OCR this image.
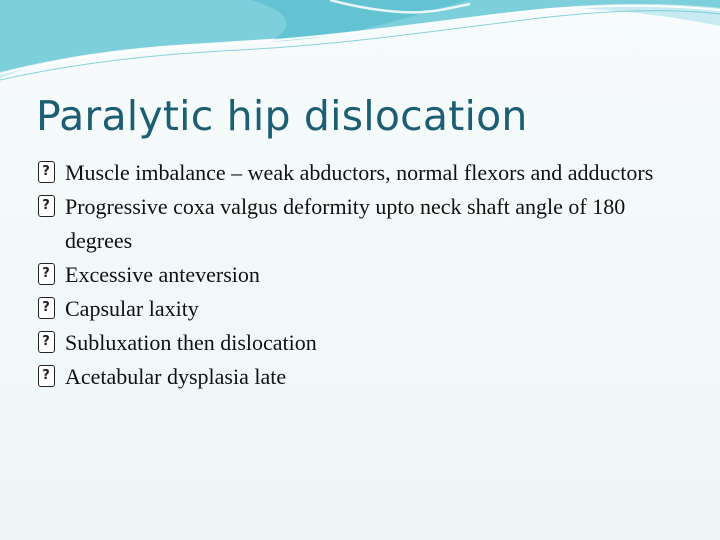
Paralytic hip dislocation
? Muscle imbalance – weak abductors, normal flexors and adductors
? Progressive coxa valgus deformity upto neck shaft angle of 180 degrees
? Excessive anteversion
? Capsular laxity
? Subluxation then dislocation
? Acetabular dysplasia late
